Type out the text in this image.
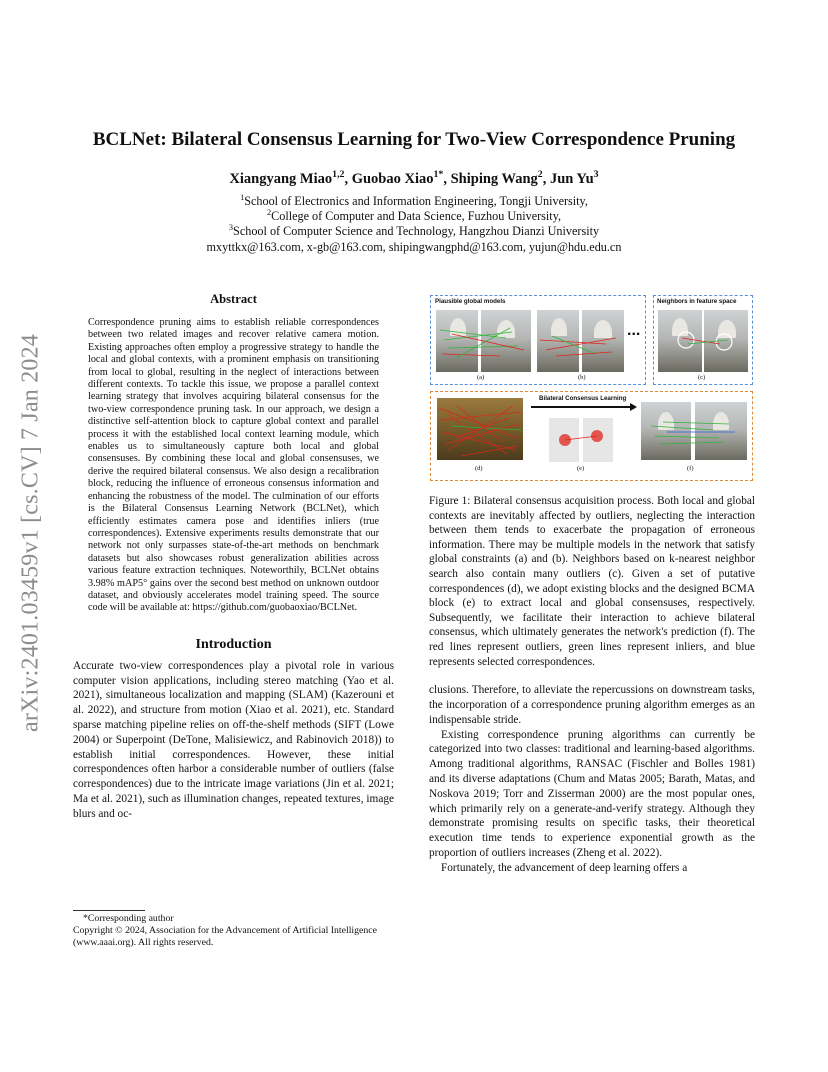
arXiv:2401.03459v1 [cs.CV] 7 Jan 2024
BCLNet: Bilateral Consensus Learning for Two-View Correspondence Pruning
Xiangyang Miao$^{1,2}$, Guobao Xiao$^{1*}$, Shiping Wang$^2$, Jun Yu$^3$
$^1$School of Electronics and Information Engineering, Tongji University,
$^2$College of Computer and Data Science, Fuzhou University,
$^3$School of Computer Science and Technology, Hangzhou Dianzi University
mxyttkx@163.com, x-gb@163.com, shipingwangphd@163.com, yujun@hdu.edu.cn
Abstract

Correspondence pruning aims to establish reliable correspondences between two related images and recover relative camera motion. Existing approaches often employ a progressive strategy to handle the local and global contexts, with a prominent emphasis on transitioning from local to global, resulting in the neglect of interactions between different contexts. To tackle this issue, we propose a parallel context learning strategy that involves acquiring bilateral consensus for the two-view correspondence pruning task. In our approach, we design a distinctive self-attention block to capture global context and parallel process it with the established local context learning module, which enables us to simultaneously capture both local and global consensuses. By combining these local and global consensuses, we derive the required bilateral consensus. We also design a recalibration block, reducing the influence of erroneous consensus information and enhancing the robustness of the model. The culmination of our efforts is the Bilateral Consensus Learning Network (BCLNet), which efficiently estimates camera pose and identifies inliers (true correspondences). Extensive experiments results demonstrate that our network not only surpasses state-of-the-art methods on benchmark datasets but also showcases robust generalization abilities across various feature extraction techniques. Noteworthily, BCLNet obtains 3.98% mAP5° gains over the second best method on unknown outdoor dataset, and obviously accelerates model training speed. The source code will be available at: https://github.com/guobaoxiao/BCLNet.

Introduction

Accurate two-view correspondences play a pivotal role in various computer vision applications, including stereo matching (Yao et al. 2021), simultaneous localization and mapping (SLAM) (Kazerouni et al. 2022), and structure from motion (Xiao et al. 2021), etc. Standard sparse matching pipeline relies on off-the-shelf methods (SIFT (Lowe 2004) or Superpoint (DeTone, Malisiewicz, and Rabinovich 2018)) to establish initial correspondences. However, these initial correspondences often harbor a considerable number of outliers (false correspondences) due to the intricate image variations (Jin et al. 2021; Ma et al. 2021), such as illumination changes, repeated textures, image blurs and oc-

*Corresponding author
Copyright © 2024, Association for the Advancement of Artificial Intelligence (www.aaai.org). All rights reserved.
Plausible global models
...
(a)	(b)
Neighbors in feature space
(c)
Bilateral Consensus Learning
(d)	(e)	(f)

Figure 1: Bilateral consensus acquisition process. Both local and global contexts are inevitably affected by outliers, neglecting the interaction between them tends to exacerbate the propagation of erroneous information. There may be multiple models in the network that satisfy global constraints (a) and (b). Neighbors based on k-nearest neighbor search also contain many outliers (c). Given a set of putative correspondences (d), we adopt existing blocks and the designed BCMA block (e) to extract local and global consensuses, respectively. Subsequently, we facilitate their interaction to achieve bilateral consensus, which ultimately generates the network's prediction (f). The red lines represent outliers, green lines represent inliers, and blue represents selected correspondences.

clusions. Therefore, to alleviate the repercussions on downstream tasks, the incorporation of a correspondence pruning algorithm emerges as an indispensable stride.

Existing correspondence pruning algorithms can currently be categorized into two classes: traditional and learning-based algorithms. Among traditional algorithms, RANSAC (Fischler and Bolles 1981) and its diverse adaptations (Chum and Matas 2005; Barath, Matas, and Noskova 2019; Torr and Zisserman 2000) are the most popular ones, which primarily rely on a generate-and-verify strategy. Although they demonstrate promising results on specific tasks, their theoretical execution time tends to experience exponential growth as the proportion of outliers increases (Zheng et al. 2022).

Fortunately, the advancement of deep learning offers a
